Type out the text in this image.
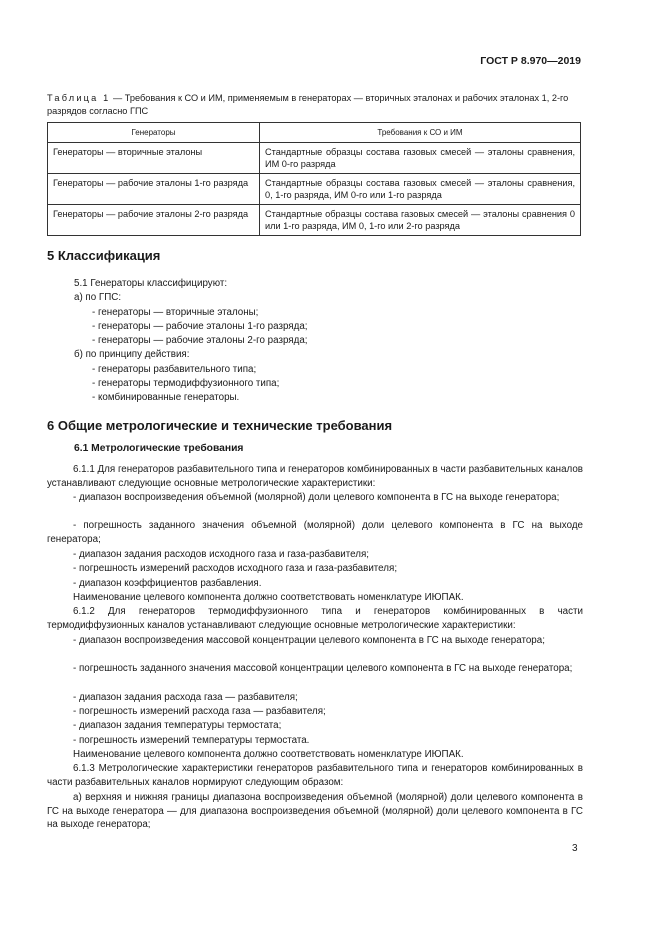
ГОСТ Р 8.970—2019
Таблица 1 — Требования к СО и ИМ, применяемым в генераторах — вторичных эталонах и рабочих эталонах 1, 2-го разрядов согласно ГПС
Генераторы	Требования к СО и ИМ
Генераторы — вторичные эталоны	Стандартные образцы состава газовых смесей — эталоны сравнения, ИМ 0-го разряда
Генераторы — рабочие эталоны 1-го разряда	Стандартные образцы состава газовых смесей — эталоны сравнения, 0, 1-го разряда, ИМ 0-го или 1-го разряда
Генераторы — рабочие эталоны 2-го разряда	Стандартные образцы состава газовых смесей — эталоны сравнения 0 или 1-го разряда, ИМ 0, 1-го или 2-го разряда
5 Классификация

5.1 Генераторы классифицируют:

а) по ГПС:

- генераторы — вторичные эталоны;

- генераторы — рабочие эталоны 1-го разряда;

- генераторы — рабочие эталоны 2-го разряда;

б) по принципу действия:

- генераторы разбавительного типа;

- генераторы термодиффузионного типа;

- комбинированные генераторы.

6 Общие метрологические и технические требования
6.1 Метрологические требования

6.1.1 Для генераторов разбавительного типа и генераторов комбинированных в части разбавительных каналов устанавливают следующие основные метрологические характеристики:

- диапазон воспроизведения объемной (молярной) доли целевого компонента в ГС на выходе генератора;

- погрешность заданного значения объемной (молярной) доли целевого компонента в ГС на выходе генератора;

- диапазон задания расходов исходного газа и газа-разбавителя;

- погрешность измерений расходов исходного газа и газа-разбавителя;

- диапазон коэффициентов разбавления.

Наименование целевого компонента должно соответствовать номенклатуре ИЮПАК.

6.1.2 Для генераторов термодиффузионного типа и генераторов комбинированных в части термодиффузионных каналов устанавливают следующие основные метрологические характеристики:

- диапазон воспроизведения массовой концентрации целевого компонента в ГС на выходе генератора;

- погрешность заданного значения массовой концентрации целевого компонента в ГС на выходе генератора;

- диапазон задания расхода газа — разбавителя;

- погрешность измерений расхода газа — разбавителя;

- диапазон задания температуры термостата;

- погрешность измерений температуры термостата.

Наименование целевого компонента должно соответствовать номенклатуре ИЮПАК.

6.1.3 Метрологические характеристики генераторов разбавительного типа и генераторов комбинированных в части разбавительных каналов нормируют следующим образом:

а) верхняя и нижняя границы диапазона воспроизведения объемной (молярной) доли целевого компонента в ГС на выходе генератора — для диапазона воспроизведения объемной (молярной) доли целевого компонента в ГС на выходе генератора;

3
